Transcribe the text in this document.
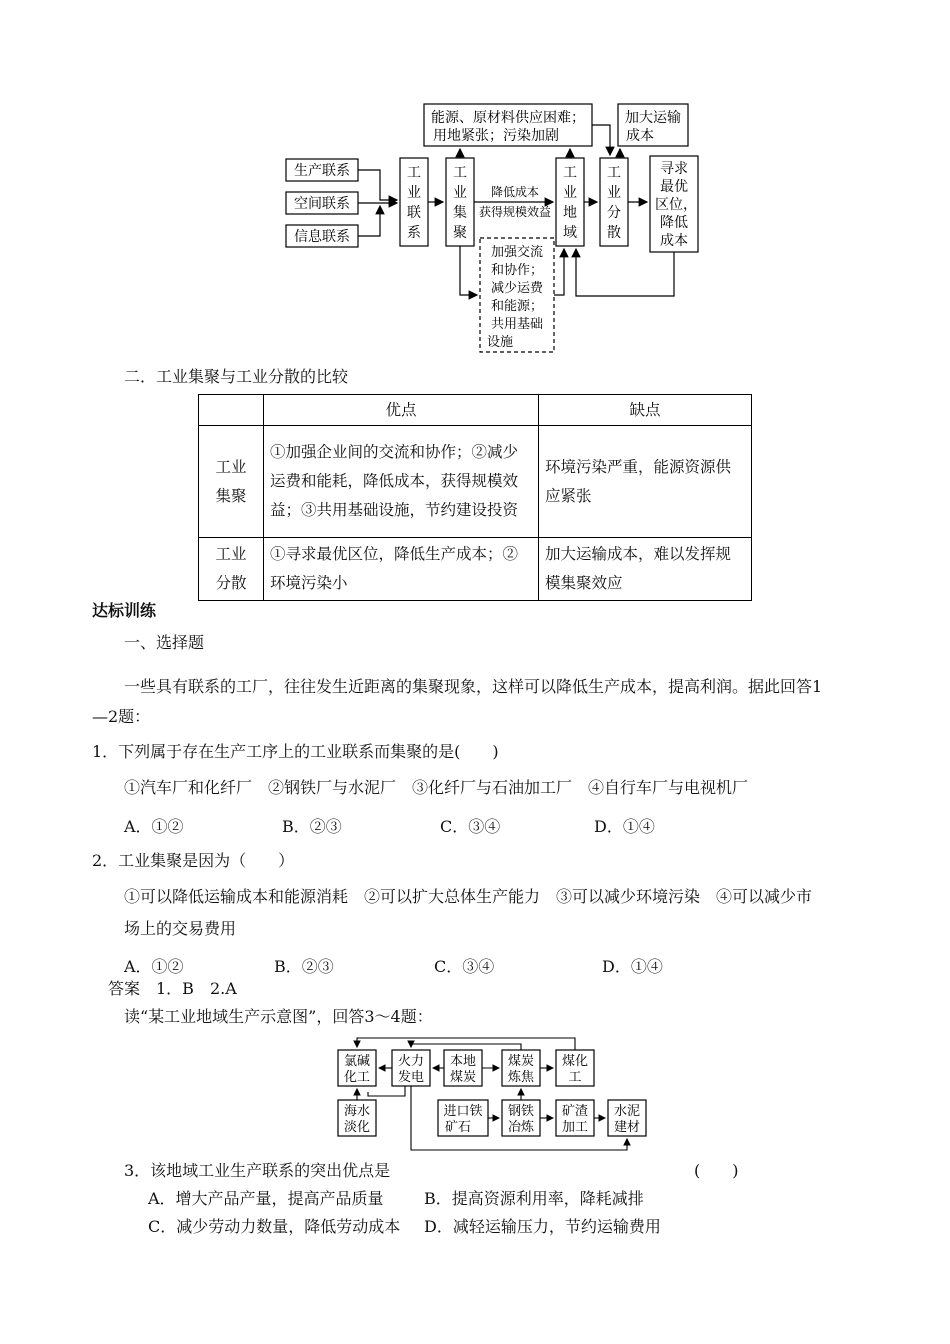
生产联系
空间联系
信息联系
工
业
联
系
工
业
集
聚
工
业
地
域
工
业
分
散
降低成本
获得规模效益
能源、原材料供应困难；
用地紧张；污染加剧
加大运输
成本
寻求
最优
区位，
降低
成本
加强交流
和协作；
减少运费
和能源；
共用基础
设施
二．工业集聚与工业分散的比较
	优点	缺点
工业
集聚	①加强企业间的交流和协作；②减少运费和能耗，降低成本，获得规模效益；③共用基础设施，节约建设投资	环境污染严重，能源资源供应紧张
工业
分散	①寻求最优区位，降低生产成本；②环境污染小	加大运输成本，难以发挥规模集聚效应
达标训练
一、选择题
一些具有联系的工厂，往往发生近距离的集聚现象，这样可以降低生产成本，提高利润。据此回答1
—2题：
1．下列属于存在生产工序上的工业联系而集聚的是(　　)
①汽车厂和化纤厂　②钢铁厂与水泥厂　③化纤厂与石油加工厂　④自行车厂与电视机厂
A．①②	B．②③	C．③④	D．①④
2．工业集聚是因为（　　）
①可以降低运输成本和能源消耗　②可以扩大总体生产能力　③可以减少环境污染　④可以减少市
场上的交易费用
A．①②	B．②③	C．③④	D．①④
答案　1．B　2.A
读“某工业地域生产示意图”，回答3～4题：
氯碱
化工
火力
发电
本地
煤炭
煤炭
炼焦
煤化
工
海水
淡化
进口铁
矿石
钢铁
冶炼
矿渣
加工
水泥
建材
3．该地域工业生产联系的突出优点是	(　　)
A．增大产品产量，提高产品质量	B．提高资源利用率，降耗减排
C．减少劳动力数量，降低劳动成本 D．减轻运输压力，节约运输费用
